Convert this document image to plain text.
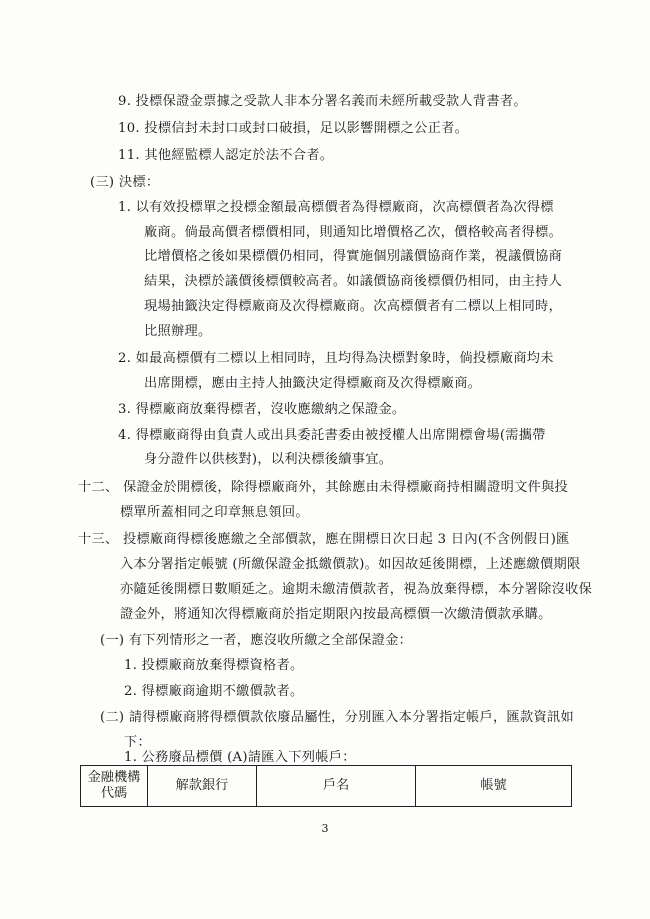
9. 投標保證金票據之受款人非本分署名義而未經所載受款人背書者。
10. 投標信封未封口或封口破損，足以影響開標之公正者。
11. 其他經監標人認定於法不合者。
(三) 決標：
1. 以有效投標單之投標金額最高標價者為得標廠商，次高標價者為次得標
廠商。倘最高價者標價相同，則通知比增價格乙次，價格較高者得標。
比增價格之後如果標價仍相同，得實施個別議價協商作業，視議價協商
結果，決標於議價後標價較高者。如議價協商後標價仍相同，由主持人
現場抽籤決定得標廠商及次得標廠商。次高標價者有二標以上相同時，
比照辦理。
2. 如最高標價有二標以上相同時，且均得為決標對象時，倘投標廠商均未
出席開標，應由主持人抽籤決定得標廠商及次得標廠商。
3. 得標廠商放棄得標者，沒收應繳納之保證金。
4. 得標廠商得由負責人或出具委託書委由被授權人出席開標會場(需攜帶
身分證件以供核對)，以利決標後續事宜。
十二、 保證金於開標後，除得標廠商外，其餘應由未得標廠商持相關證明文件與投
標單所蓋相同之印章無息領回。
十三、 投標廠商得標後應繳之全部價款，應在開標日次日起 3 日內(不含例假日)匯
入本分署指定帳號 (所繳保證金抵繳價款)。如因故延後開標，上述應繳價期限
亦隨延後開標日數順延之。逾期未繳清價款者，視為放棄得標，本分署除沒收保
證金外，將通知次得標廠商於指定期限內按最高標價一次繳清價款承購。
(一) 有下列情形之一者，應沒收所繳之全部保證金：
1. 投標廠商放棄得標資格者。
2. 得標廠商逾期不繳價款者。
(二) 請得標廠商將得標價款依廢品屬性，分別匯入本分署指定帳戶，匯款資訊如
下：
1. 公務廢品標價 (A)請匯入下列帳戶：
金融機構代碼	解款銀行	戶名	帳號
3
